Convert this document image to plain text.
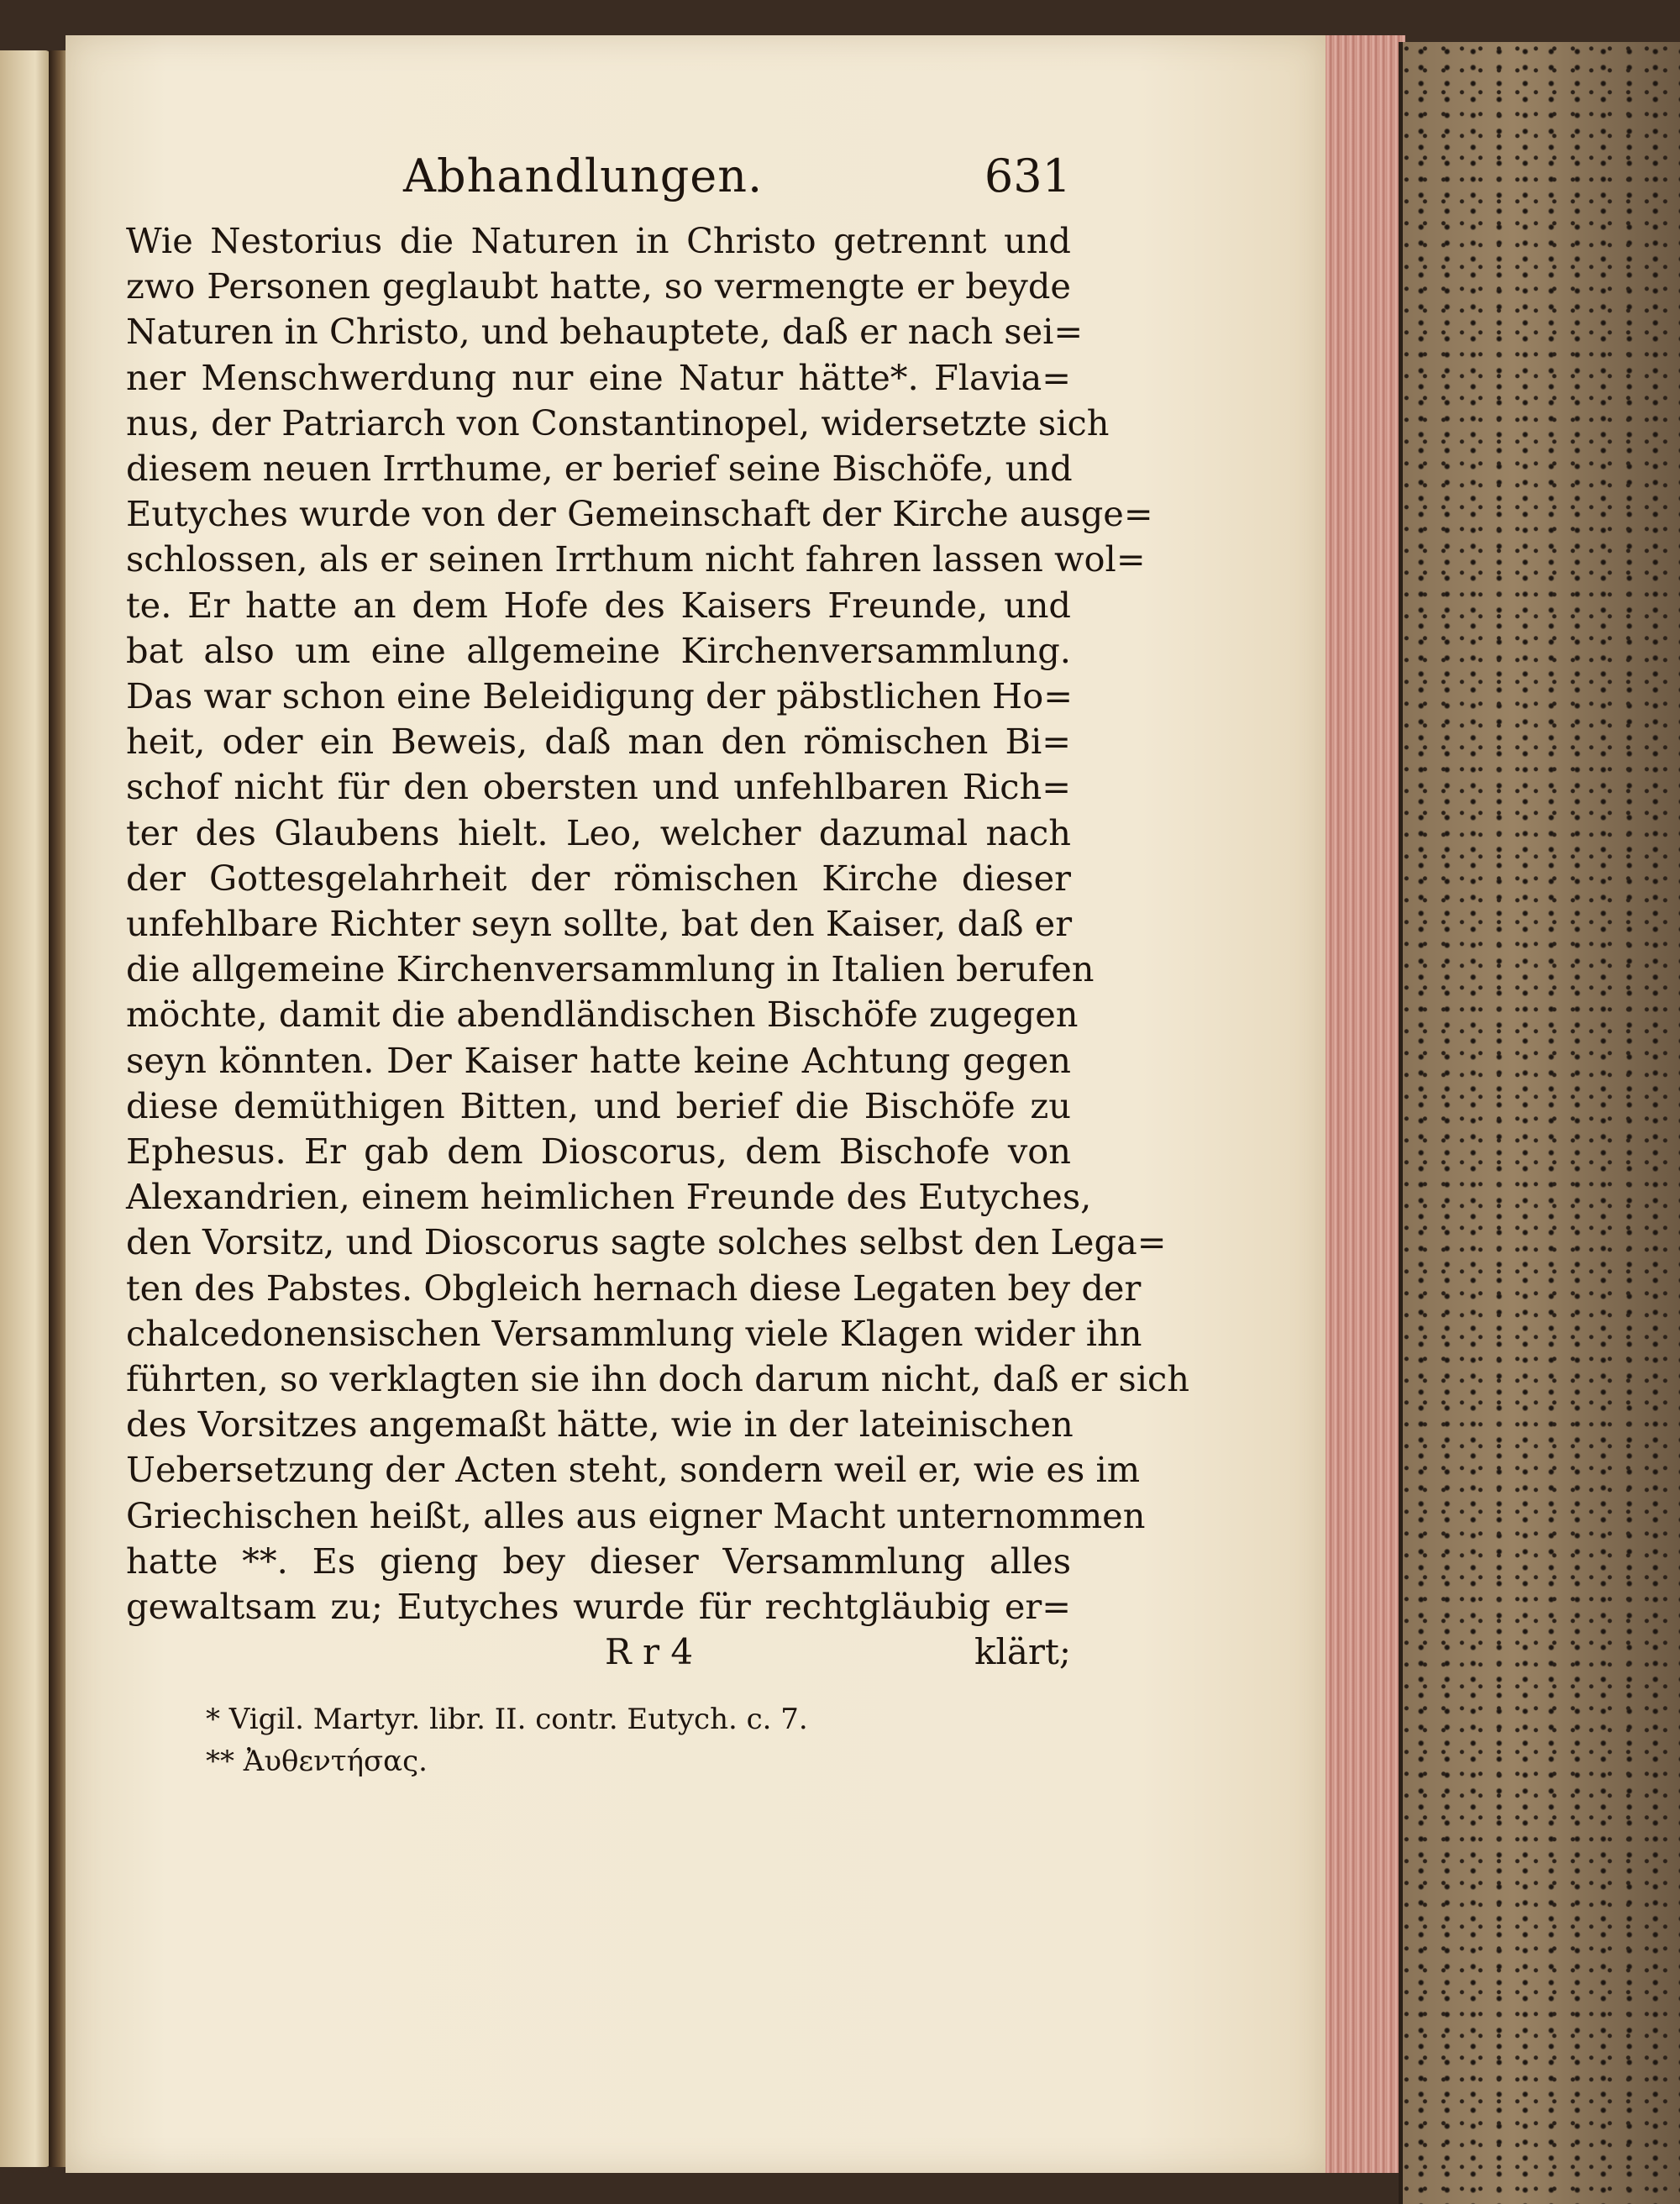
Abhandlungen.	631
Wie Nestorius die Naturen in Christo getrennt und
zwo Personen geglaubt hatte, so vermengte er beyde
Naturen in Christo, und behauptete, daß er nach sei=
ner Menschwerdung nur eine Natur hätte*. Flavia=
nus, der Patriarch von Constantinopel, widersetzte sich
diesem neuen Irrthume, er berief seine Bischöfe, und
Eutyches wurde von der Gemeinschaft der Kirche ausge=
schlossen, als er seinen Irrthum nicht fahren lassen wol=
te. Er hatte an dem Hofe des Kaisers Freunde, und
bat also um eine allgemeine Kirchenversammlung.
Das war schon eine Beleidigung der päbstlichen Ho=
heit, oder ein Beweis, daß man den römischen Bi=
schof nicht für den obersten und unfehlbaren Rich=
ter des Glaubens hielt. Leo, welcher dazumal nach
der Gottesgelahrheit der römischen Kirche dieser
unfehlbare Richter seyn sollte, bat den Kaiser, daß er
die allgemeine Kirchenversammlung in Italien berufen
möchte, damit die abendländischen Bischöfe zugegen
seyn könnten. Der Kaiser hatte keine Achtung gegen
diese demüthigen Bitten, und berief die Bischöfe zu
Ephesus. Er gab dem Dioscorus, dem Bischofe von
Alexandrien, einem heimlichen Freunde des Eutyches,
den Vorsitz, und Dioscorus sagte solches selbst den Lega=
ten des Pabstes. Obgleich hernach diese Legaten bey der
chalcedonensischen Versammlung viele Klagen wider ihn
führten, so verklagten sie ihn doch darum nicht, daß er sich
des Vorsitzes angemaßt hätte, wie in der lateinischen
Uebersetzung der Acten steht, sondern weil er, wie es im
Griechischen heißt, alles aus eigner Macht unternommen
hatte **. Es gieng bey dieser Versammlung alles
gewaltsam zu; Eutyches wurde für rechtgläubig er=
R r 4	klärt;
* Vigil. Martyr. libr. II. contr. Eutych. c. 7.
** Ἀυθεντήσας.
